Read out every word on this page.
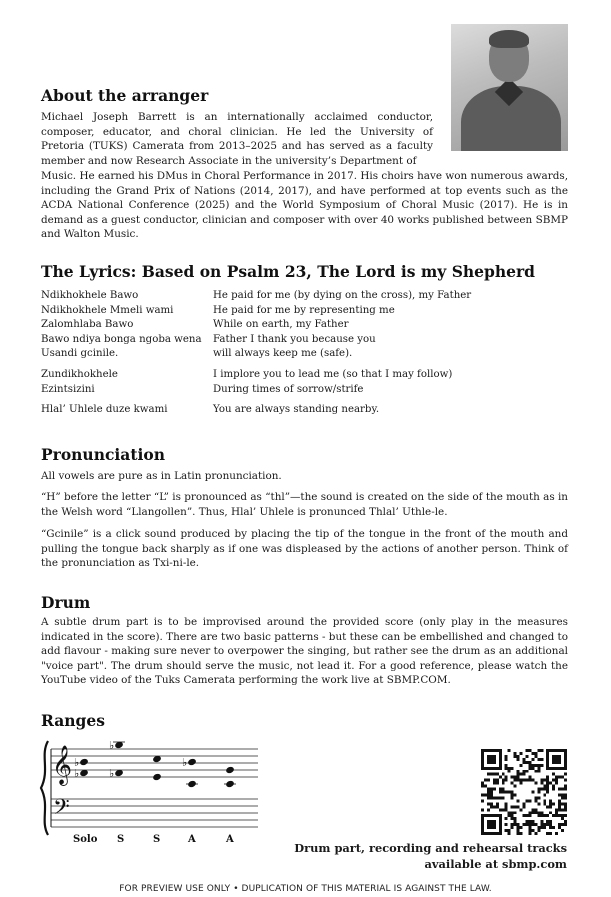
About the arranger

Michael Joseph Barrett is an internationally acclaimed conductor, composer, educator, and choral clinician. He led the University of Pretoria (TUKS) Camerata from 2013–2025 and has served as a faculty member and now Research Associate in the university’s Department of

Music. He earned his DMus in Choral Performance in 2017. His choirs have won numerous awards, including the Grand Prix of Nations (2014, 2017), and have performed at top events such as the ACDA National Conference (2025) and the World Symposium of Choral Music (2017). He is in demand as a guest conductor, clinician and composer with over 40 works published between SBMP and Walton Music.

The Lyrics: Based on Psalm 23, The Lord is my Shepherd
Ndikhokhele Bawo	He paid for me (by dying on the cross), my Father
Ndikhokhele Mmeli wami	He paid for me by representing me
Zalomhlaba Bawo	While on earth, my Father
Bawo ndiya bonga ngoba wena	Father I thank you because you
Usandi gcinile.	will always keep me (safe).
Zundikhokhele	I implore you to lead me (so that I may follow)
Ezintsizini	During times of sorrow/strife
Hlal’ Uhlele duze kwami	You are always standing nearby.
Pronunciation

All vowels are pure as in Latin pronunciation.

“H” before the letter “L” is pronounced as “thl”—the sound is created on the side of the mouth as in the Welsh word “Llangollen”. Thus, Hlal’ Uhlele is pronunced Thlal’ Uthle-le.

“Gcinile” is a click sound produced by placing the tip of the tongue in the front of the mouth and pulling the tongue back sharply as if one was displeased by the actions of another person. Think of the pronunciation as Txi-ni-le.

Drum

A subtle drum part is to be improvised around the provided score (only play in the measures indicated in the score). There are two basic patterns - but these can be embellished and changed to add flavour - making sure never to overpower the singing, but rather see the drum as an additional "voice part". The drum should serve the music, not lead it. For a good reference, please watch the YouTube video of the Tuks Camerata performing the work live at SBMP.COM.

Ranges
𝄞
𝄢
♭
♭
♭
♭
♭
Solo S	S	A	A
Drum part, recording and rehearsal tracks
available at sbmp.com
FOR PREVIEW USE ONLY • DUPLICATION OF THIS MATERIAL IS AGAINST THE LAW.
